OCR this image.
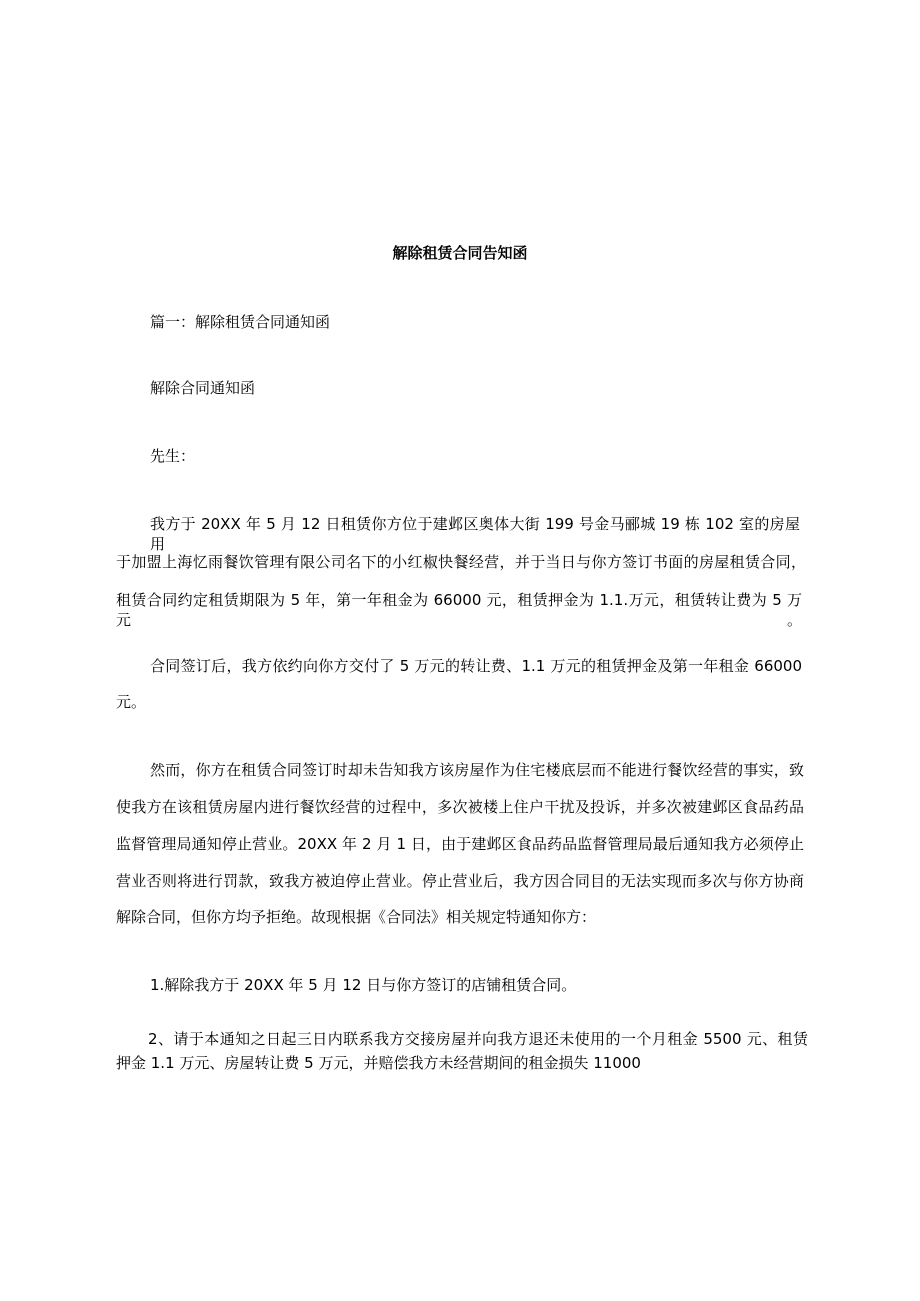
解除租赁合同告知函
篇一：解除租赁合同通知函
解除合同通知函
先生：
我方于 20XX 年 5 月 12 日租赁你方位于建邺区奥体大街 199 号金马郦城 19 栋 102 室的房屋用
于加盟上海忆雨餐饮管理有限公司名下的小红椒快餐经营，并于当日与你方签订书面的房屋租赁合同，
租赁合同约定租赁期限为 5 年，第一年租金为 66000 元，租赁押金为 1.1.万元，租赁转让费为 5 万元。
合同签订后，我方依约向你方交付了 5 万元的转让费、1.1 万元的租赁押金及第一年租金 66000
元。
然而，你方在租赁合同签订时却未告知我方该房屋作为住宅楼底层而不能进行餐饮经营的事实，致
使我方在该租赁房屋内进行餐饮经营的过程中，多次被楼上住户干扰及投诉，并多次被建邺区食品药品
监督管理局通知停止营业。20XX 年 2 月 1 日，由于建邺区食品药品监督管理局最后通知我方必须停止
营业否则将进行罚款，致我方被迫停止营业。停止营业后，我方因合同目的无法实现而多次与你方协商
解除合同，但你方均予拒绝。故现根据《合同法》相关规定特通知你方：
1.解除我方于 20XX 年 5 月 12 日与你方签订的店铺租赁合同。
2、请于本通知之日起三日内联系我方交接房屋并向我方退还未使用的一个月租金 5500 元、租赁
押金 1.1 万元、房屋转让费 5 万元，并赔偿我方未经营期间的租金损失 11000
